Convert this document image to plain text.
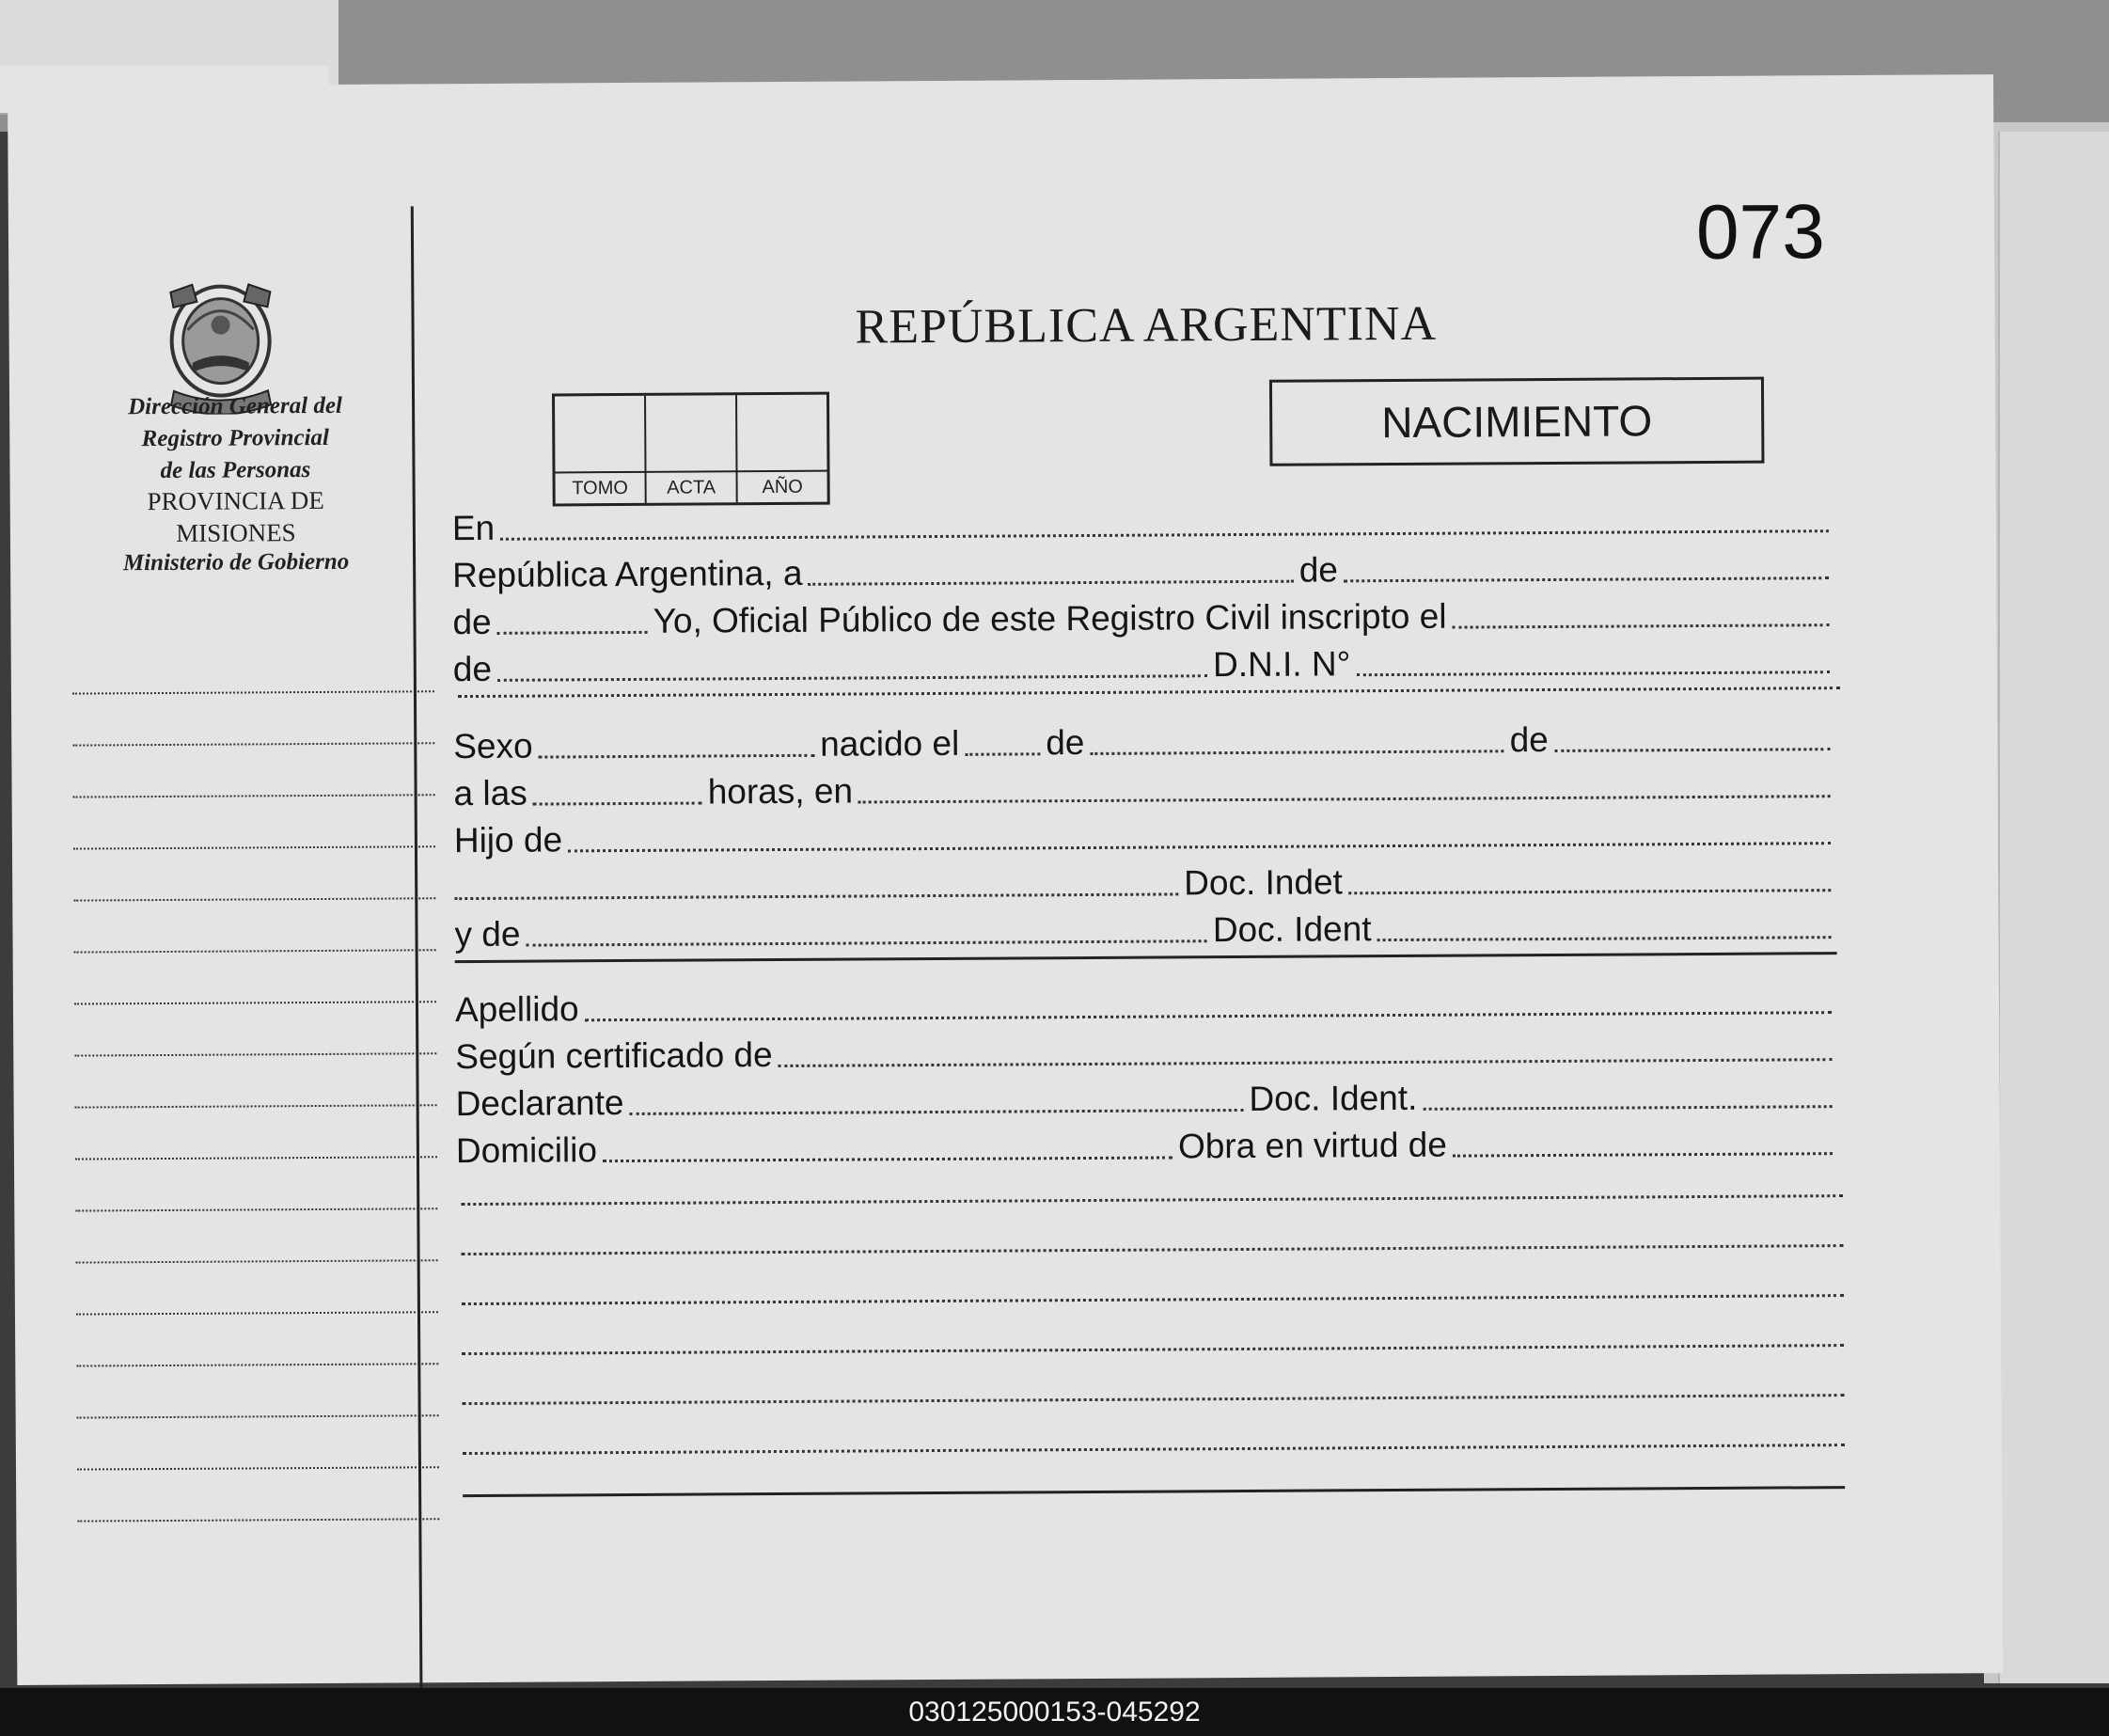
Dirección General del
Registro Provincial
de las Personas
PROVINCIA DE
MISIONES
Ministerio de Gobierno
073
REPÚBLICA ARGENTINA
TOMO	ACTA	AÑO
NACIMIENTO
En
República Argentina, a	de
de	Yo, Oficial Público de este Registro Civil inscripto el
de	D.N.I. N°
Sexo	nacido el de	de
a las	horas, en
Hijo de
Doc. Indet
y de	Doc. Ident
Apellido
Según certificado de
Declarante	Doc. Ident.
Domicilio	Obra en virtud de
030125000153-045292
